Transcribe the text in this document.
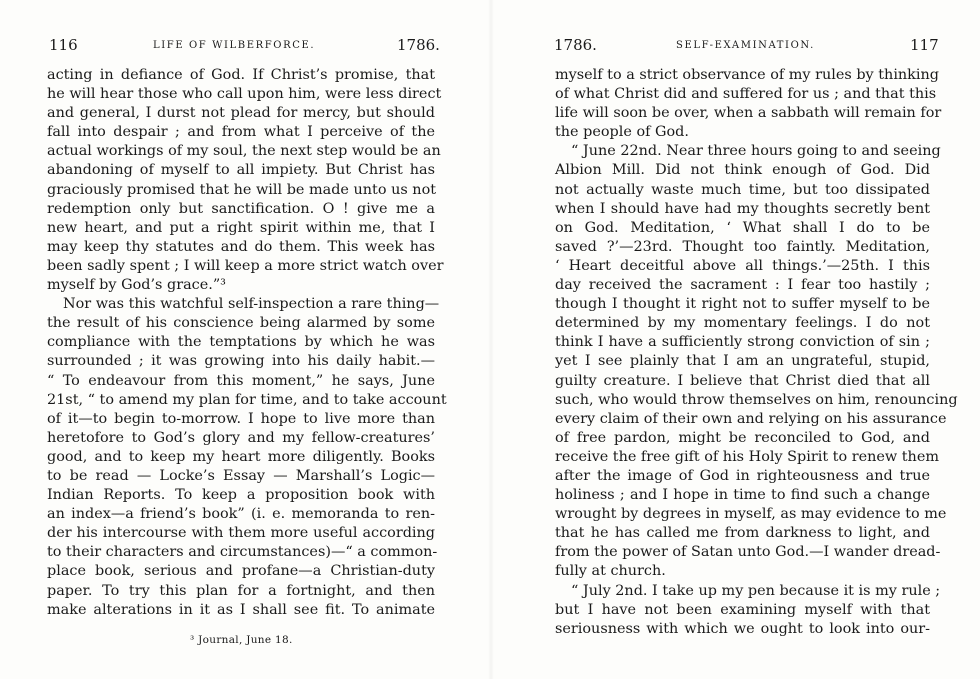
116	LIFE OF WILBERFORCE.	1786.
acting in defiance of God. If Christ’s promise, that
he will hear those who call upon him, were less direct
and general, I durst not plead for mercy, but should
fall into despair ; and from what I perceive of the
actual workings of my soul, the next step would be an
abandoning of myself to all impiety. But Christ has
graciously promised that he will be made unto us not
redemption only but sanctification. O ! give me a
new heart, and put a right spirit within me, that I
may keep thy statutes and do them. This week has
been sadly spent ; I will keep a more strict watch over
myself by God’s grace.”³
Nor was this watchful self-inspection a rare thing—
the result of his conscience being alarmed by some
compliance with the temptations by which he was
surrounded ; it was growing into his daily habit.—
“ To endeavour from this moment,” he says, June
21st, “ to amend my plan for time, and to take account
of it—to begin to-morrow. I hope to live more than
heretofore to God’s glory and my fellow-creatures’
good, and to keep my heart more diligently. Books
to be read — Locke’s Essay — Marshall’s Logic—
Indian Reports. To keep a proposition book with
an index—a friend’s book” (i. e. memoranda to ren-
der his intercourse with them more useful according
to their characters and circumstances)—“ a common-
place book, serious and profane—a Christian-duty
paper. To try this plan for a fortnight, and then
make alterations in it as I shall see fit. To animate
³ Journal, June 18.
1786.	SELF-EXAMINATION.	117
myself to a strict observance of my rules by thinking
of what Christ did and suffered for us ; and that this
life will soon be over, when a sabbath will remain for
the people of God.
“ June 22nd. Near three hours going to and seeing
Albion Mill. Did not think enough of God. Did
not actually waste much time, but too dissipated
when I should have had my thoughts secretly bent
on God. Meditation, ‘ What shall I do to be
saved ?’—23rd. Thought too faintly. Meditation,
‘ Heart deceitful above all things.’—25th. I this
day received the sacrament : I fear too hastily ;
though I thought it right not to suffer myself to be
determined by my momentary feelings. I do not
think I have a sufficiently strong conviction of sin ;
yet I see plainly that I am an ungrateful, stupid,
guilty creature. I believe that Christ died that all
such, who would throw themselves on him, renouncing
every claim of their own and relying on his assurance
of free pardon, might be reconciled to God, and
receive the free gift of his Holy Spirit to renew them
after the image of God in righteousness and true
holiness ; and I hope in time to find such a change
wrought by degrees in myself, as may evidence to me
that he has called me from darkness to light, and
from the power of Satan unto God.—I wander dread-
fully at church.
“ July 2nd. I take up my pen because it is my rule ;
but I have not been examining myself with that
seriousness with which we ought to look into our-
